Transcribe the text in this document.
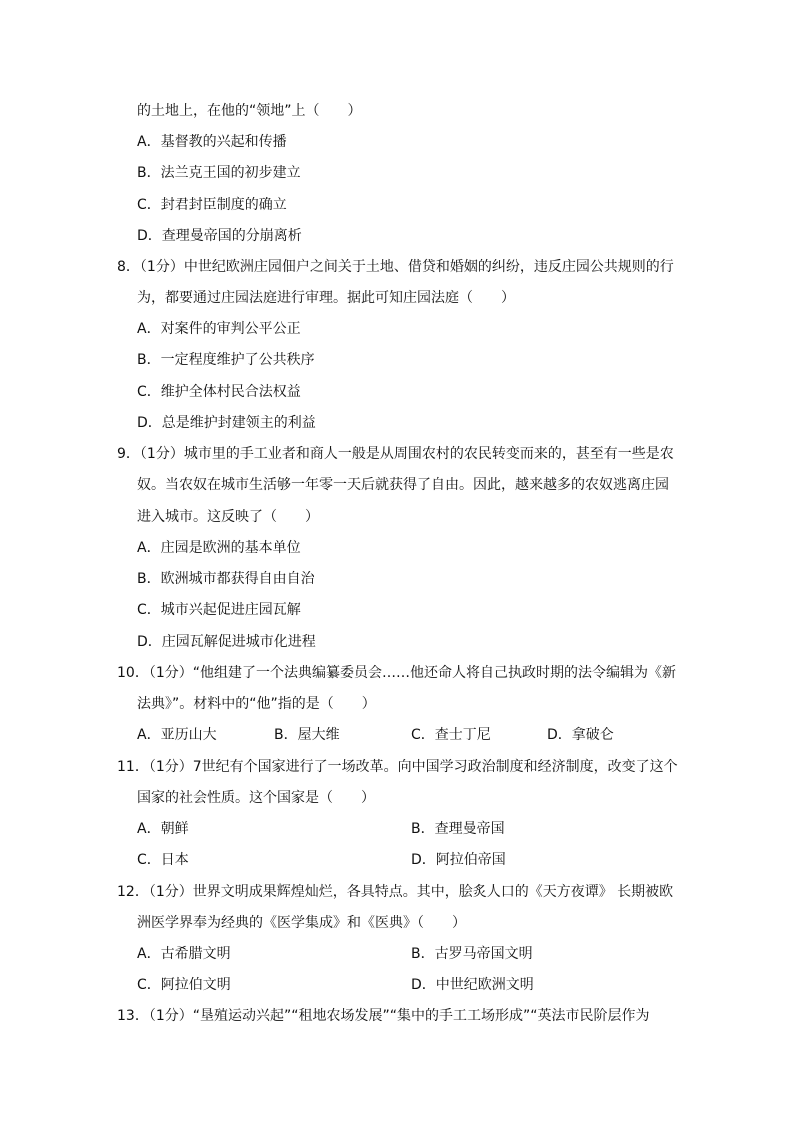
的土地上，在他的“领地”上（　　）
A．基督教的兴起和传播
B．法兰克王国的初步建立
C．封君封臣制度的确立
D．查理曼帝国的分崩离析
8．（1分）中世纪欧洲庄园佃户之间关于土地、借贷和婚姻的纠纷，违反庄园公共规则的行
为，都要通过庄园法庭进行审理。据此可知庄园法庭（　　）
A．对案件的审判公平公正
B．一定程度维护了公共秩序
C．维护全体村民合法权益
D．总是维护封建领主的利益
9．（1分）城市里的手工业者和商人一般是从周围农村的农民转变而来的，甚至有一些是农
奴。当农奴在城市生活够一年零一天后就获得了自由。因此，越来越多的农奴逃离庄园
进入城市。这反映了（　　）
A．庄园是欧洲的基本单位
B．欧洲城市都获得自由自治
C．城市兴起促进庄园瓦解
D．庄园瓦解促进城市化进程
10．（1分）“他组建了一个法典编纂委员会……他还命人将自己执政时期的法令编辑为《新
法典》”。材料中的“他”指的是（　　）
A．亚历山大	B．屋大维	C．查士丁尼	D．拿破仑
11．（1分）7世纪有个国家进行了一场改革。向中国学习政治制度和经济制度，改变了这个
国家的社会性质。这个国家是（　　）
A．朝鲜	B．查理曼帝国
C．日本	D．阿拉伯帝国
12．（1分）世界文明成果辉煌灿烂，各具特点。其中，脍炙人口的《天方夜谭》 长期被欧
洲医学界奉为经典的《医学集成》和《医典》（　　）
A．古希腊文明	B．古罗马帝国文明
C．阿拉伯文明	D．中世纪欧洲文明
13．（1分）“垦殖运动兴起”“租地农场发展”“集中的手工工场形成”“英法市民阶层作为
